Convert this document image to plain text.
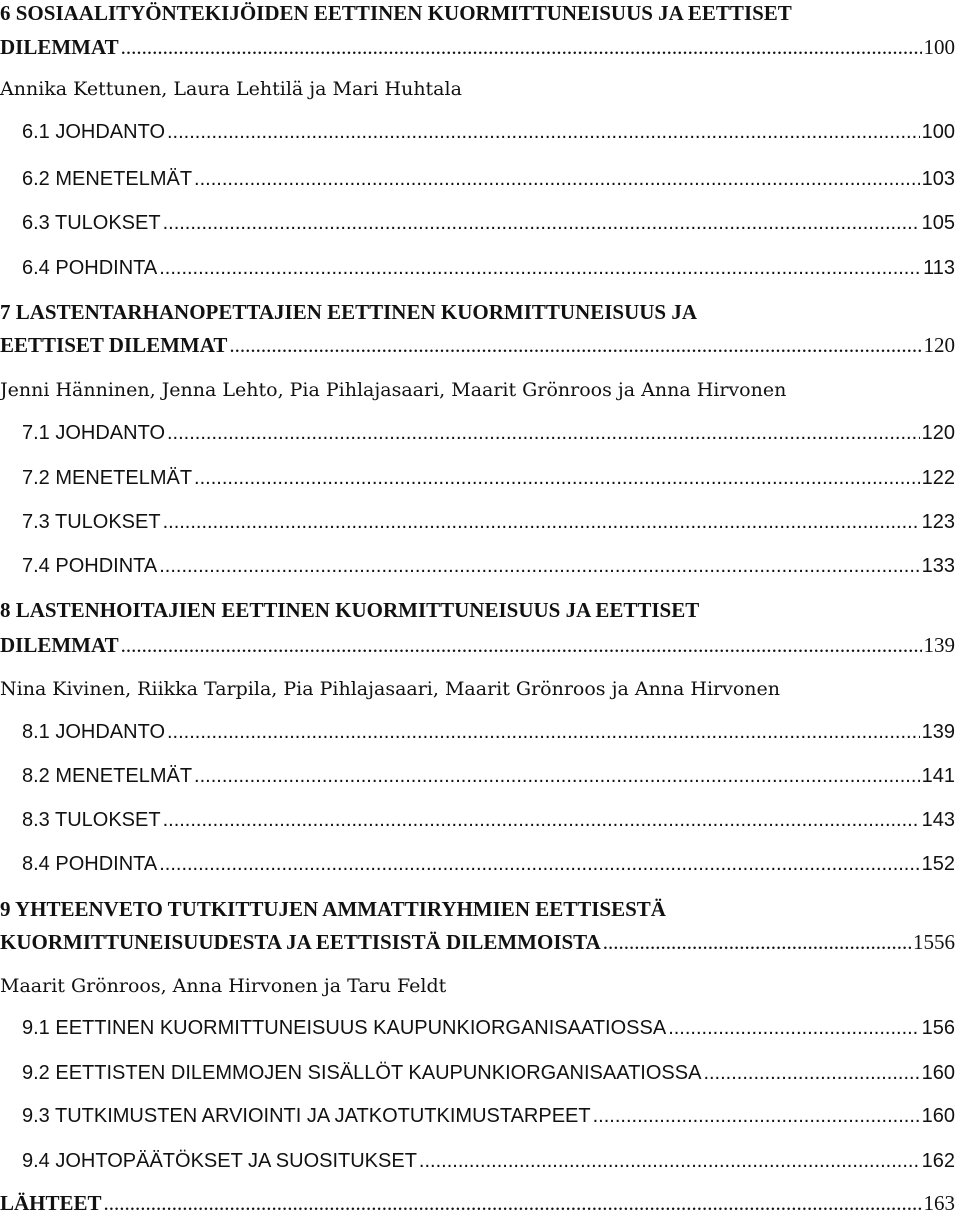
6 SOSIAALITYÖNTEKIJÖIDEN EETTINEN KUORMITTUNEISUUS JA EETTISET
DILEMMAT .....	100
Annika Kettunen, Laura Lehtilä ja Mari Huhtala
6.1 JOHDANTO .....	100
6.2 MENETELMÄT .....	103
6.3 TULOKSET .....	105
6.4 POHDINTA .....	113
7 LASTENTARHANOPETTAJIEN EETTINEN KUORMITTUNEISUUS JA
EETTISET DILEMMAT .....	120
Jenni Hänninen, Jenna Lehto, Pia Pihlajasaari, Maarit Grönroos ja Anna Hirvonen
7.1 JOHDANTO .....	120
7.2 MENETELMÄT .....	122
7.3 TULOKSET .....	123
7.4 POHDINTA .....	133
8 LASTENHOITAJIEN EETTINEN KUORMITTUNEISUUS JA EETTISET
DILEMMAT .....	139
Nina Kivinen, Riikka Tarpila, Pia Pihlajasaari, Maarit Grönroos ja Anna Hirvonen
8.1 JOHDANTO .....	139
8.2 MENETELMÄT .....	141
8.3 TULOKSET .....	143
8.4 POHDINTA .....	152
9 YHTEENVETO TUTKITTUJEN AMMATTIRYHMIEN EETTISESTÄ
KUORMITTUNEISUUDESTA JA EETTISISTÄ DILEMMOISTA .....	1556
Maarit Grönroos, Anna Hirvonen ja Taru Feldt
9.1 EETTINEN KUORMITTUNEISUUS KAUPUNKIORGANISAATIOSSA .....	156
9.2 EETTISTEN DILEMMOJEN SISÄLLÖT KAUPUNKIORGANISAATIOSSA .....	160
9.3 TUTKIMUSTEN ARVIOINTI JA JATKOTUTKIMUSTARPEET .....	160
9.4 JOHTOPÄÄTÖKSET JA SUOSITUKSET .....	162
LÄHTEET .....	163
